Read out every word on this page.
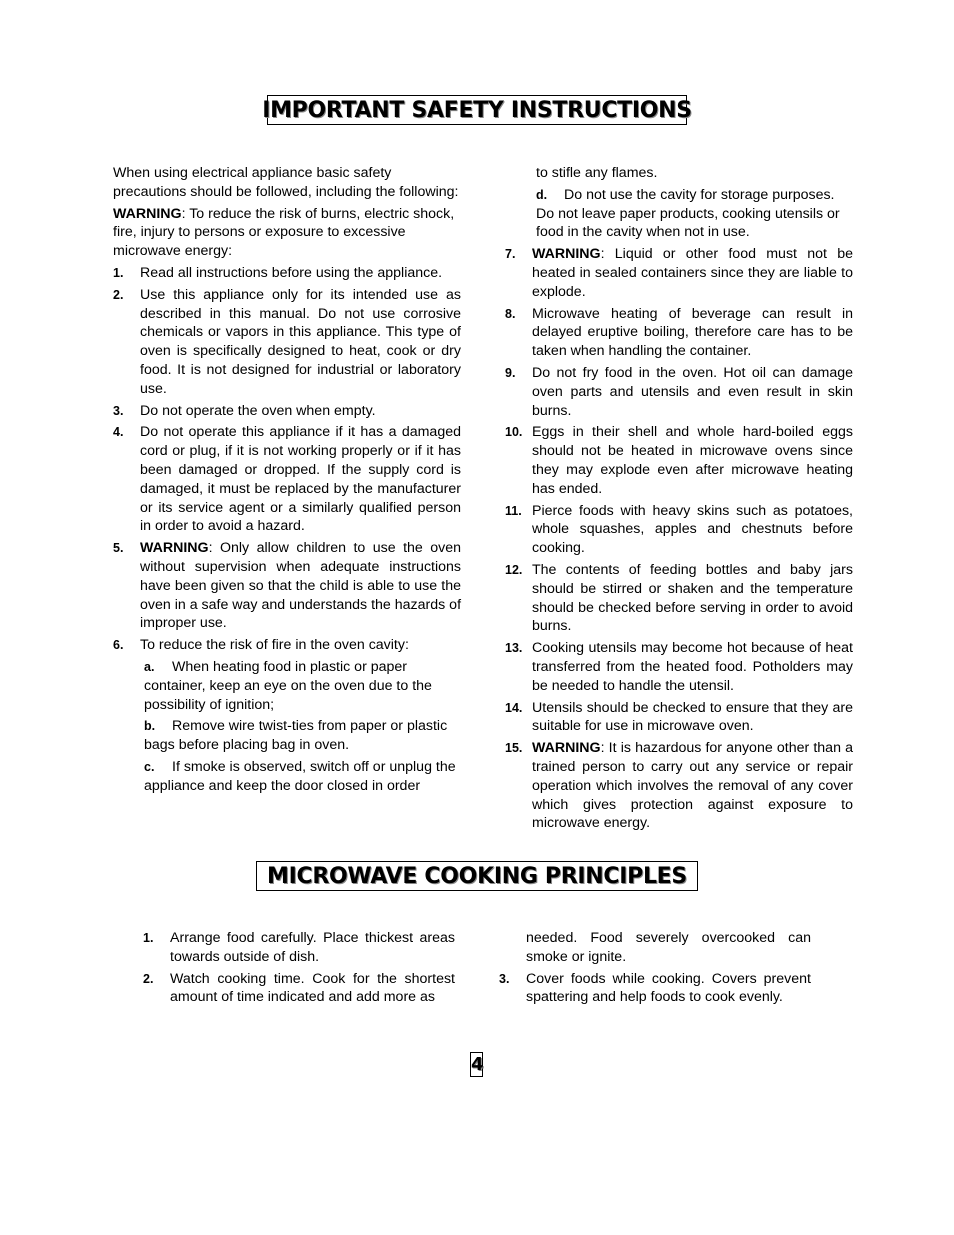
IMPORTANT SAFETY INSTRUCTIONS

When using electrical appliance basic safety precautions should be followed, including the following:

WARNING: To reduce the risk of burns, electric shock, fire, injury to persons or exposure to excessive microwave energy:

1.	Read all instructions before using the appliance.
2.	Use this appliance only for its intended use as described in this manual. Do not use corrosive chemicals or vapors in this appliance. This type of oven is specifically designed to heat, cook or dry food. It is not designed for industrial or laboratory use.
3.	Do not operate the oven when empty.
4.	Do not operate this appliance if it has a damaged cord or plug, if it is not working properly or if it has been damaged or dropped. If the supply cord is damaged, it must be replaced by the manufacturer or its service agent or a similarly qualified person in order to avoid a hazard.
5.	WARNING: Only allow children to use the oven without supervision when adequate instructions have been given so that the child is able to use the oven in a safe way and understands the hazards of improper use.
6.	To reduce the risk of fire in the oven cavity:
a. When heating food in plastic or paper container, keep an eye on the oven due to the possibility of ignition;
b. Remove wire twist-ties from paper or plastic bags before placing bag in oven.
c. If smoke is observed, switch off or unplug the appliance and keep the door closed in order
to stifle any flames.
d. Do not use the cavity for storage purposes. Do not leave paper products, cooking utensils or food in the cavity when not in use.
7.	WARNING: Liquid or other food must not be heated in sealed containers since they are liable to explode.
8.	Microwave heating of beverage can result in delayed eruptive boiling, therefore care has to be taken when handling the container.
9.	Do not fry food in the oven. Hot oil can damage oven parts and utensils and even result in skin burns.
10. Eggs in their shell and whole hard-boiled eggs should not be heated in microwave ovens since they may explode even after microwave heating has ended.
11. Pierce foods with heavy skins such as potatoes, whole squashes, apples and chestnuts before cooking.
12. The contents of feeding bottles and baby jars should be stirred or shaken and the temperature should be checked before serving in order to avoid burns.
13. Cooking utensils may become hot because of heat transferred from the heated food. Potholders may be needed to handle the utensil.
14. Utensils should be checked to ensure that they are suitable for use in microwave oven.
15. WARNING: It is hazardous for anyone other than a trained person to carry out any service or repair operation which involves the removal of any cover which gives protection against exposure to microwave energy.
MICROWAVE COOKING PRINCIPLES
1.	Arrange food carefully. Place thickest areas towards outside of dish.
2.	Watch cooking time. Cook for the shortest amount of time indicated and add more as
needed. Food severely overcooked can smoke or ignite.
3.	Cover foods while cooking. Covers prevent spattering and help foods to cook evenly.
4
